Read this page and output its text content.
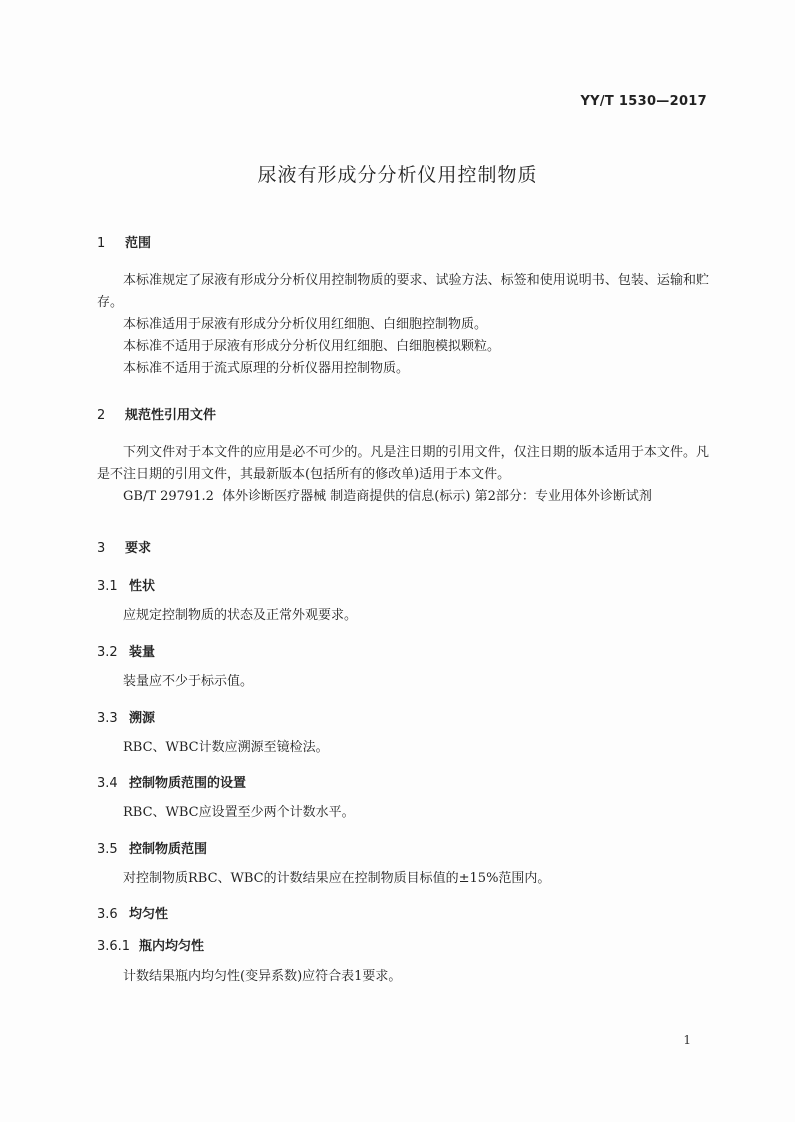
YY/T 1530—2017
尿液有形成分分析仪用控制物质
1 范围
本标准规定了尿液有形成分分析仪用控制物质的要求、试验方法、标签和使用说明书、包装、运输和贮存。
本标准适用于尿液有形成分分析仪用红细胞、白细胞控制物质。
本标准不适用于尿液有形成分分析仪用红细胞、白细胞模拟颗粒。
本标准不适用于流式原理的分析仪器用控制物质。
2 规范性引用文件
下列文件对于本文件的应用是必不可少的。凡是注日期的引用文件，仅注日期的版本适用于本文件。凡是不注日期的引用文件，其最新版本(包括所有的修改单)适用于本文件。
GB/T 29791.2 体外诊断医疗器械 制造商提供的信息(标示) 第2部分：专业用体外诊断试剂
3 要求
3.1 性状
应规定控制物质的状态及正常外观要求。
3.2 装量
装量应不少于标示值。
3.3 溯源
RBC、WBC计数应溯源至镜检法。
3.4 控制物质范围的设置
RBC、WBC应设置至少两个计数水平。
3.5 控制物质范围
对控制物质RBC、WBC的计数结果应在控制物质目标值的±15%范围内。
3.6 均匀性
3.6.1 瓶内均匀性
计数结果瓶内均匀性(变异系数)应符合表1要求。
1
